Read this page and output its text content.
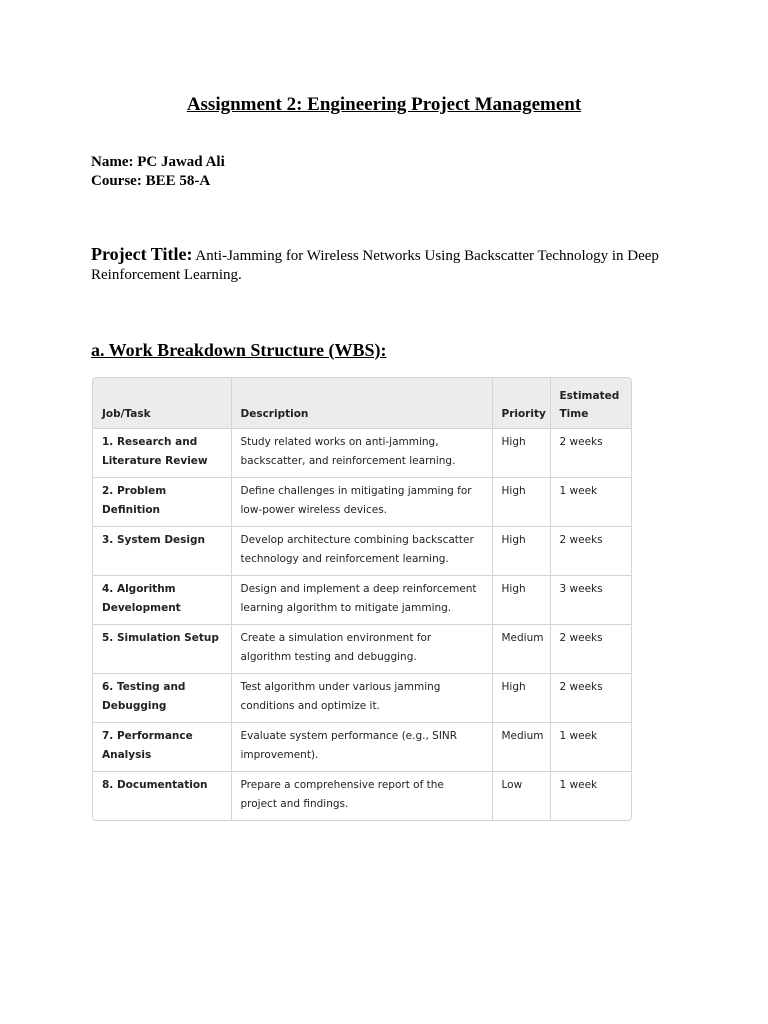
Assignment 2: Engineering Project Management
Name: PC Jawad Ali
Course: BEE 58-A
Project Title: Anti-Jamming for Wireless Networks Using Backscatter Technology in Deep Reinforcement Learning.
a. Work Breakdown Structure (WBS):
Job/Task	Description	Priority	Estimated Time
1. Research and Literature Review	Study related works on anti-jamming, backscatter, and reinforcement learning.	High	2 weeks
2. Problem Definition	Define challenges in mitigating jamming for low-power wireless devices.	High	1 week
3. System Design	Develop architecture combining backscatter technology and reinforcement learning.	High	2 weeks
4. Algorithm Development	Design and implement a deep reinforcement learning algorithm to mitigate jamming.	High	3 weeks
5. Simulation Setup	Create a simulation environment for algorithm testing and debugging.	Medium	2 weeks
6. Testing and Debugging	Test algorithm under various jamming conditions and optimize it.	High	2 weeks
7. Performance Analysis	Evaluate system performance (e.g., SINR improvement).	Medium	1 week
8. Documentation	Prepare a comprehensive report of the project and findings.	Low	1 week
